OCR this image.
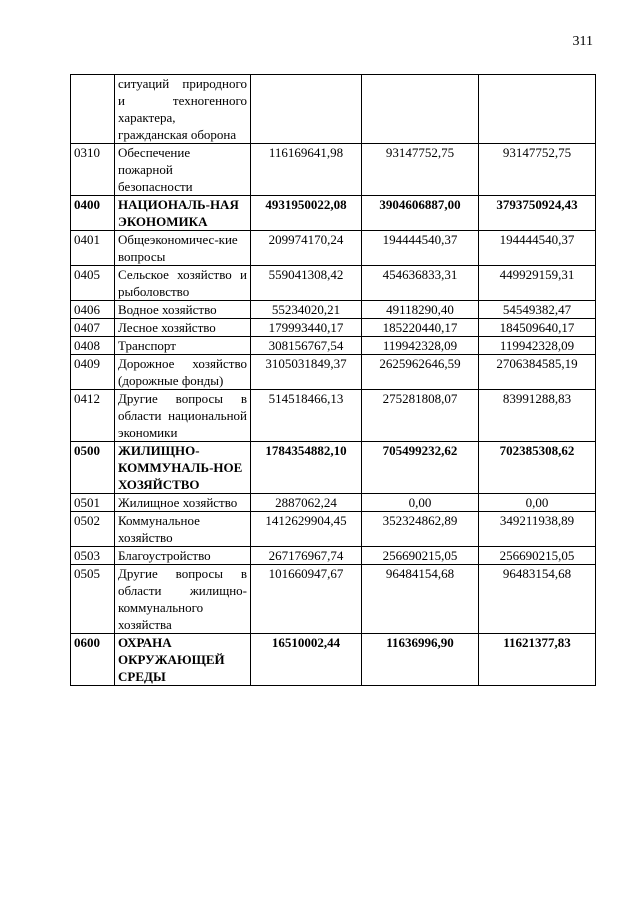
311
	ситуаций природного и техногенного характера, гражданская оборона			
0310	Обеспечение пожарной безопасности	116169641,98	93147752,75	93147752,75
0400	НАЦИОНАЛЬ-НАЯ ЭКОНОМИКА	4931950022,08	3904606887,00	3793750924,43
0401	Общеэкономичес-кие вопросы	209974170,24	194444540,37	194444540,37
0405	Сельское хозяйство и рыболовство	559041308,42	454636833,31	449929159,31
0406	Водное хозяйство	55234020,21	49118290,40	54549382,47
0407	Лесное хозяйство	179993440,17	185220440,17	184509640,17
0408	Транспорт	308156767,54	119942328,09	119942328,09
0409	Дорожное хозяйство (дорожные фонды)	3105031849,37	2625962646,59	2706384585,19
0412	Другие вопросы в области национальной экономики	514518466,13	275281808,07	83991288,83
0500	ЖИЛИЩНО-КОММУНАЛЬ-НОЕ ХОЗЯЙСТВО	1784354882,10	705499232,62	702385308,62
0501	Жилищное хозяйство	2887062,24	0,00	0,00
0502	Коммунальное хозяйство	1412629904,45	352324862,89	349211938,89
0503	Благоустройство	267176967,74	256690215,05	256690215,05
0505	Другие вопросы в области жилищно-коммунального хозяйства	101660947,67	96484154,68	96483154,68
0600	ОХРАНА ОКРУЖАЮЩЕЙ СРЕДЫ	16510002,44	11636996,90	11621377,83
